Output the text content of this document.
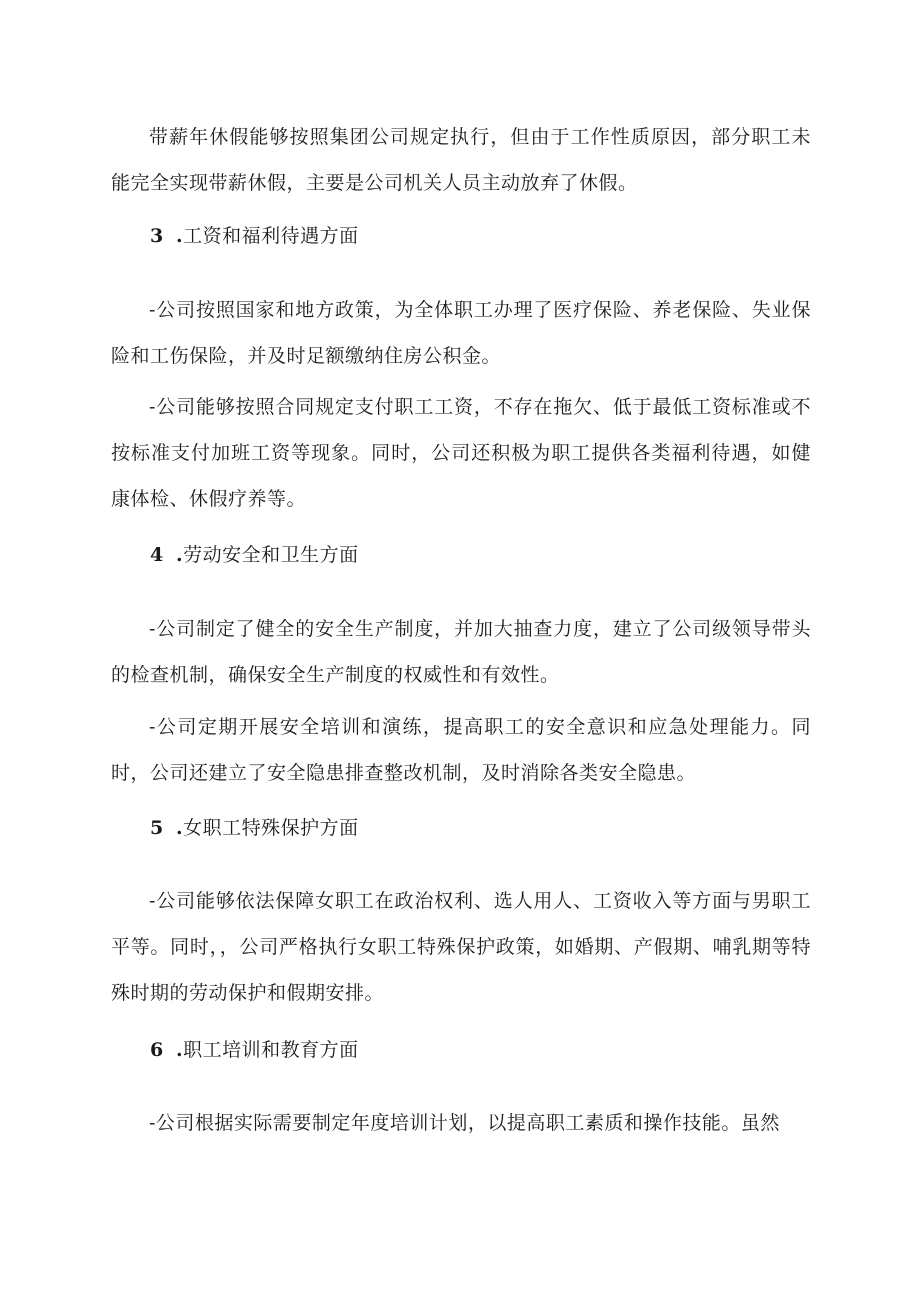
带薪年休假能够按照集团公司规定执行，但由于工作性质原因，部分职工未能完全实现带薪休假，主要是公司机关人员主动放弃了休假。

3 .工资和福利待遇方面

-公司按照国家和地方政策，为全体职工办理了医疗保险、养老保险、失业保险和工伤保险，并及时足额缴纳住房公积金。

-公司能够按照合同规定支付职工工资，不存在拖欠、低于最低工资标准或不按标准支付加班工资等现象。同时，公司还积极为职工提供各类福利待遇，如健康体检、休假疗养等。

4 .劳动安全和卫生方面

-公司制定了健全的安全生产制度，并加大抽查力度，建立了公司级领导带头的检查机制，确保安全生产制度的权威性和有效性。

-公司定期开展安全培训和演练，提高职工的安全意识和应急处理能力。同时，公司还建立了安全隐患排查整改机制，及时消除各类安全隐患。

5 .女职工特殊保护方面

-公司能够依法保障女职工在政治权利、选人用人、工资收入等方面与男职工平等。同时，，公司严格执行女职工特殊保护政策，如婚期、产假期、哺乳期等特殊时期的劳动保护和假期安排。

6 .职工培训和教育方面

-公司根据实际需要制定年度培训计划，以提高职工素质和操作技能。虽然
